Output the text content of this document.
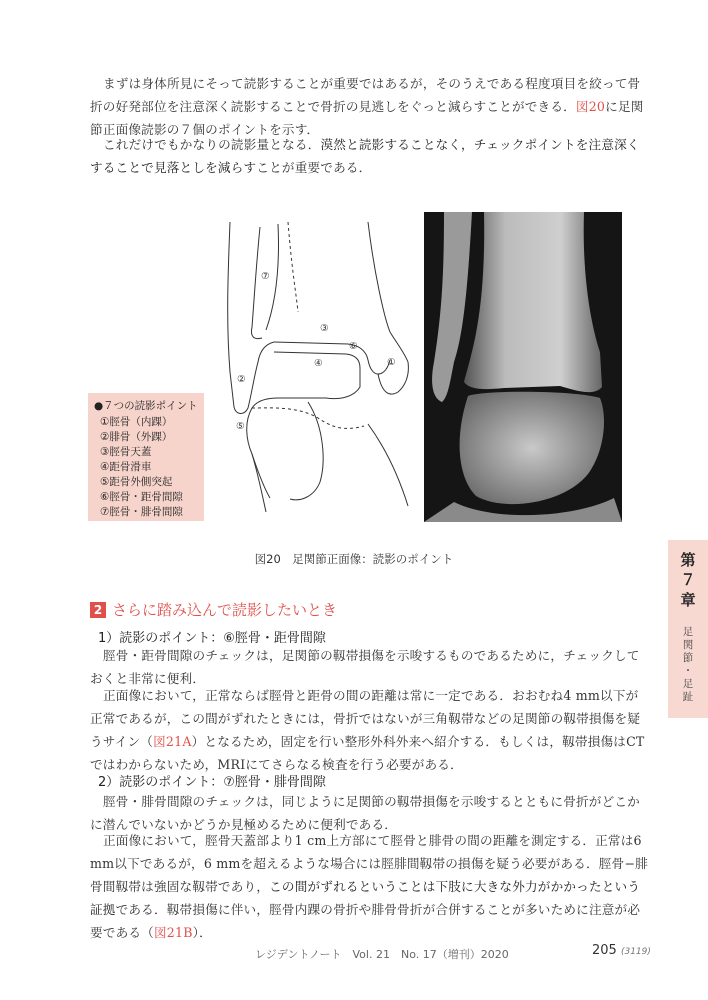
まずは身体所見にそって読影することが重要ではあるが，そのうえである程度項目を絞って骨折の好発部位を注意深く読影することで骨折の見逃しをぐっと減らすことができる．図20に足関節正面像読影の７個のポイントを示す．

これだけでもかなりの読影量となる．漠然と読影することなく，チェックポイントを注意深くすることで見落としを減らすことが重要である．

⑦
③
⑥
④	①
②
⑤
●７つの読影ポイント
①脛骨（内踝）
②腓骨（外踝）
③脛骨天蓋
④距骨滑車
⑤距骨外側突起
⑥脛骨・距骨間隙
⑦脛骨・腓骨間隙
図20　足関節正面像：読影のポイント
2 さらに踏み込んで読影したいとき
1）読影のポイント：⑥脛骨・距骨間隙

脛骨・距骨間隙のチェックは，足関節の靱帯損傷を示唆するものであるために，チェックしておくと非常に便利．

正面像において，正常ならば脛骨と距骨の間の距離は常に一定である．おおむね4 mm以下が正常であるが，この間がずれたときには，骨折ではないが三角靱帯などの足関節の靱帯損傷を疑うサイン（図21A）となるため，固定を行い整形外科外来へ紹介する．もしくは，靱帯損傷はCTではわからないため，MRIにてさらなる検査を行う必要がある．

2）読影のポイント：⑦脛骨・腓骨間隙

脛骨・腓骨間隙のチェックは，同じように足関節の靱帯損傷を示唆するとともに骨折がどこかに潜んでいないかどうか見極めるために便利である．

正面像において，脛骨天蓋部より1 cm上方部にて脛骨と腓骨の間の距離を測定する．正常は6 mm以下であるが，6 mmを超えるような場合には脛腓間靱帯の損傷を疑う必要がある．脛骨−腓骨間靱帯は強固な靱帯であり，この間がずれるということは下肢に大きな外力がかかったという証拠である．靱帯損傷に伴い，脛骨内踝の骨折や腓骨骨折が合併することが多いために注意が必要である（図21B）．

第
７
章
足
関
節
・
足
趾
レジデントノート　Vol. 21　No. 17（増刊）2020	205 (3119)
